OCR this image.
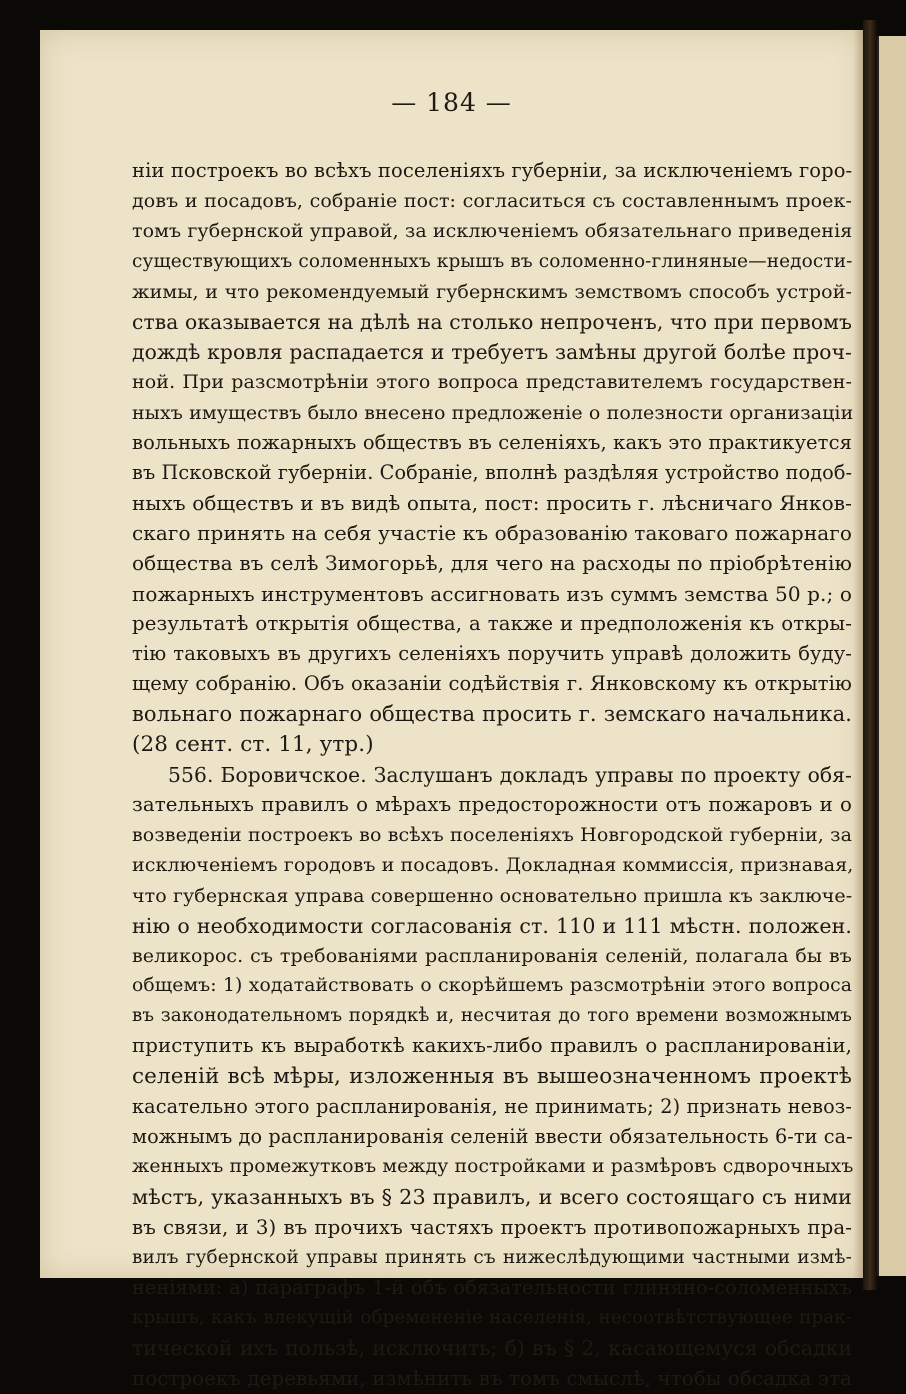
— 184 —
ніи построекъ во всѣхъ поселеніяхъ губерніи, за исключеніемъ горо-
довъ и посадовъ, собраніе пост: согласиться съ составленнымъ проек-
томъ губернской управой, за исключеніемъ обязательнаго приведенія
существующихъ соломенныхъ крышъ въ соломенно-глиняные—недости-
жимы, и что рекомендуемый губернскимъ земствомъ способъ устрой-
ства оказывается на дѣлѣ на столько непроченъ, что при первомъ
дождѣ кровля распадается и требуетъ замѣны другой болѣе проч-
ной. При разсмотрѣніи этого вопроса представителемъ государствен-
ныхъ имуществъ было внесено предложеніе о полезности организаціи
вольныхъ пожарныхъ обществъ въ селеніяхъ, какъ это практикуется
въ Псковской губерніи. Собраніе, вполнѣ раздѣляя устройство подоб-
ныхъ обществъ и въ видѣ опыта, пост: просить г. лѣсничаго Янков-
скаго принять на себя участіе къ образованію таковаго пожарнаго
общества въ селѣ Зимогорьѣ, для чего на расходы по пріобрѣтенію
пожарныхъ инструментовъ ассигновать изъ суммъ земства 50 р.; о
результатѣ открытія общества, а также и предположенія къ откры-
тію таковыхъ въ другихъ селеніяхъ поручить управѣ доложить буду-
щему собранію. Объ оказаніи содѣйствія г. Янковскому къ открытію
вольнаго пожарнаго общества просить г. земскаго начальника.
(28 сент. ст. 11, утр.)
556. Боровичское. Заслушанъ докладъ управы по проекту обя-
зательныхъ правилъ о мѣрахъ предосторожности отъ пожаровъ и о
возведеніи построекъ во всѣхъ поселеніяхъ Новгородской губерніи, за
исключеніемъ городовъ и посадовъ. Докладная коммиссія, признавая,
что губернская управа совершенно основательно пришла къ заключе-
нію о необходимости согласованія ст. 110 и 111 мѣстн. положен.
великорос. съ требованіями распланированія селеній, полагала бы въ
общемъ: 1) ходатайствовать о скорѣйшемъ разсмотрѣніи этого вопроса
въ законодательномъ порядкѣ и, несчитая до того времени возможнымъ
приступить къ выработкѣ какихъ-либо правилъ о распланированіи,
селеній всѣ мѣры, изложенныя въ вышеозначенномъ проектѣ
касательно этого распланированія, не принимать; 2) признать невоз-
можнымъ до распланированія селеній ввести обязательность 6-ти са-
женныхъ промежутковъ между постройками и размѣровъ сдворочныхъ
мѣстъ, указанныхъ въ § 23 правилъ, и всего состоящаго съ ними
въ связи, и 3) въ прочихъ частяхъ проектъ противопожарныхъ пра-
вилъ губернской управы принять съ нижеслѣдующими частными измѣ-
неніями: а) параграфъ 1-й объ обязательности глиняно-соломенныхъ
крышъ, какъ влекущій обремененіе населенія, несоотвѣтствующее прак-
тической ихъ пользѣ, исключить; б) въ § 2, касающемуся обсадки
построекъ деревьями, измѣнить въ томъ смыслѣ, чтобы обсадка эта
